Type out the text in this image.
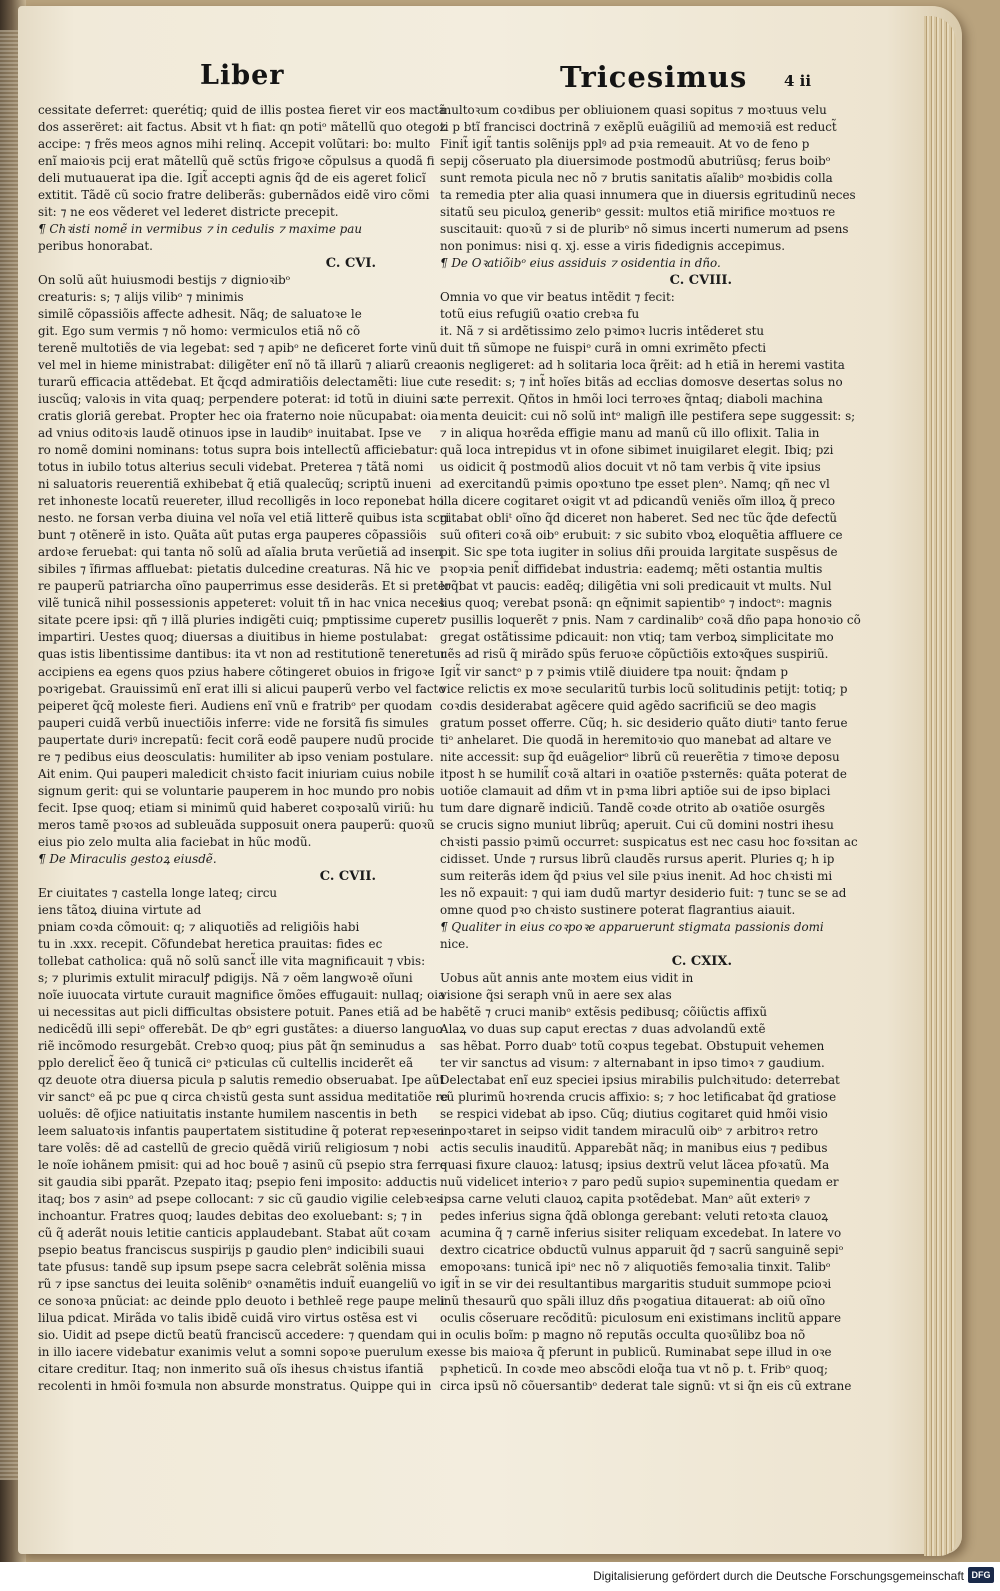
Liber	Tricesimus 4 ii
cessitate deferret: querétiq; quid de illis postea fieret vir eos mactã
dos asserëret: ait factus. Absit vt h fiat: qn potiᵒ mãtellũ quo otegoz
accipe: ⁊ frẽs meos agnos mihi relinq. Accepit volũtari: bo: multo
enĩ maioꝛis pcij erat mãtellũ quẽ sctũs frigoꝛe cõpulsus a quodã fi
deli mutuauerat ipa die. Igit̃ accepti agnis q̃d de eis ageret folicĩ
extitit. Tãdẽ cũ socio fratre deliberãs: gubernãdos eidẽ viro cõmi
sit: ⁊ ne eos vẽderet vel lederet districte precepit.
¶ Chꝛisti nomẽ in vermibus ⁊ in cedulis ⁊ maxime pau
peribus honorabat.
C. CVI.
On solũ aũt huiusmodi bestijs ⁊ dignioꝛibᵒ
creaturis: s; ⁊ alijs vilibᵒ ⁊ minimis
similẽ cõpassiõis affecte adhesit. Nãq; de saluatoꝛe le
git. Ego sum vermis ⁊ nõ homo: vermiculos etiã nõ cõ
terenẽ multotiẽs de via legebat: sed ⁊ apibᵒ ne deficeret forte vinũ
vel mel in hieme ministrabat: diligẽter enĩ nõ tã illarũ ⁊ aliarũ crea
turarũ efficacia attẽdebat. Et q̃cqd admiratiõis delectamẽti: liue cu
iuscũq; valoꝛis in vita quaq; perpendere poterat: id totũ in diuini sa
cratis gloriã gerebat. Propter hec oia fraterno noie nũcupabat: oia
ad vnius oditoꝛis laudẽ otinuos ipse in laudibᵒ inuitabat. Ipse ve
ro nomẽ domini nominans: totus supra bois intellectũ afficiebatur:
totus in iubilo totus alterius seculi videbat. Preterea ⁊ tãtã nomi
ni saluatoris reuerentiã exhibebat q̃ etiã qualecũq; scriptũ inueni
ret inhoneste locatũ reuereter, illud recolligẽs in loco reponebat ho
nesto. ne forsan verba diuina vel noĩa vel etiã litterẽ quibus ista scri
bunt ⁊ otẽnerẽ in isto. Quãta aũt putas erga pauperes cõpassiõis
ardoꝛe feruebat: qui tanta nõ solũ ad aĩalia bruta verũetiã ad insen
sibiles ⁊ ĩfirmas affluebat: pietatis dulcedine creaturas. Nã hic ve
re pauperũ patriarcha oĩno pauperrimus esse desiderãs. Et si preter
vilẽ tunicã nihil possessionis appeteret: voluit tñ in hac vnica neces
sitate pcere ipsi: qñ ⁊ illã pluries indigẽti cuiq; pmptissime cuperet
impartiri. Uestes quoq; diuersas a diuitibus in hieme postulabat:
quas istis libentissime dantibus: ita vt non ad restitutionẽ teneretur
accipiens ea egens quos pzius habere cõtingeret obuios in frigoꝛe
poꝛrigebat. Grauissimũ enĩ erat illi si alicui pauperũ verbo vel facto
peiperet q̃cq̃ moleste fieri. Audiens enĩ vnũ e fratribᵒ per quodam
pauperi cuidã verbũ inuectiõis inferre: vide ne forsitã fis simules
paupertate duriꝰ increpatũ: fecit corã eodẽ paupere nudũ procide
re ⁊ pedibus eius deosculatis: humiliter ab ipso veniam postulare.
Ait enim. Qui pauperi maledicit chꝛisto facit iniuriam cuius nobile
signum gerit: qui se voluntarie pauperem in hoc mundo pro nobis
fecit. Ipse quoq; etiam si minimũ quid haberet coꝛpoꝛalũ viriũ: hu
meros tamẽ pꝛoꝛos ad subleuãda supposuit onera pauperũ: quoꝛũ
eius pio zelo multa alia faciebat in hũc modũ.
¶ De Miraculis gestoꝝ eiusdẽ.
C. CVII.
Er ciuitates ⁊ castella longe lateq; circu
iens tãtoꝝ diuina virtute ad
pniam coꝛda cõmouit: q; ⁊ aliquotiẽs ad religiõis habi
tu in .xxx. recepit. Cõfundebat heretica prauitas: fides ec
tollebat catholica: quã nõ solũ sanct̃ ille vita magnificauit ⁊ vbis:
s; ⁊ plurimis extulit miraculꝭ pdigijs. Nã ⁊ oẽm langwoꝛẽ oĩuni
noĩe iuuocata virtute curauit magnifice õmões effugauit: nullaq; oia
ui necessitas aut picli difficultas obsistere potuit. Panes etiã ad be
nedicẽdũ illi sepiᵒ offerebãt. De qbᵒ egri gustãtes: a diuerso languo
riẽ incõmodo resurgebãt. Crebꝛo quoq; pius pãt q̃n seminudus a
pplo derelict̃ ẽeo q̃ tunicã ciᵒ pꝛticulas cũ cultellis inciderẽt eã
qz deuote otra diuersa picula p salutis remedio obseruabat. Ipe aũt
vir sanctᵒ eã pc pue q circa chꝛistũ gesta sunt assidua meditatiõe re
uoluẽs: dẽ ofjice natiuitatis instante humilem nascentis in beth
leem saluatoꝛis infantis paupertatem sistitudine q̃ poterat repꝛesen
tare volẽs: dẽ ad castellũ de grecio quẽdã viriũ religiosum ⁊ nobi
le noĩe iohãnem pmisit: qui ad hoc bouẽ ⁊ asinũ cũ psepio stra ferre
sit gaudia sibi pparãt. Pzepato itaq; psepio feni imposito: adductis
itaq; bos ⁊ asinᵒ ad psepe collocant: ⁊ sic cũ gaudio vigilie celebꝛes
inchoantur. Fratres quoq; laudes debitas deo exoluebant: s; ⁊ in
cũ q̃ aderãt nouis letitie canticis applaudebant. Stabat aũt coꝛam
psepio beatus franciscus suspirijs p gaudio plenᵒ indicibili suaui
tate pfusus: tandẽ sup ipsum psepe sacra celebrãt solẽnia missa
rũ ⁊ ipse sanctus dei leuita solẽnibᵒ oꝛnamẽtis induit̃ euangeliũ vo
ce sonoꝛa pnũciat: ac deinde pplo deuoto i bethleẽ rege paupe meli
lilua pdicat. Mirãda vo talis ibidẽ cuidã viro virtus ostẽsa est vi
sio. Uidit ad psepe dictũ beatũ franciscũ accedere: ⁊ quendam qui
in illo iacere videbatur exanimis velut a somni sopoꝛe puerulum ex
citare creditur. Itaq; non inmerito suã oĩs ihesus chꝛistus ifantiã
recolenti in hmõi foꝛmula non absurde monstratus. Quippe qui in
multoꝛum coꝛdibus per obliuionem quasi sopitus ⁊ moꝛtuus velu
ti p btĩ francisci doctrinã ⁊ exẽplũ euãgiliũ ad memoꝛiã est reduct̃
Finit̃ igit̃ tantis solẽnijs pplꝰ ad pꝛia remeauit. At vo de feno p
sepij cõseruato pla diuersimode postmodũ abutriũsq; ferus boibᵒ
sunt remota picula nec nõ ⁊ brutis sanitatis aĩalibᵒ moꝛbidis colla
ta remedia pter alia quasi innumera que in diuersis egritudinũ neces
sitatũ seu piculoꝝ generibᵒ gessit: multos etiã mirifice moꝛtuos re
suscitauit: quoꝛũ ⁊ si de pluribᵒ nõ simus incerti numerum ad psens
non ponimus: nisi q. xj. esse a viris fidedignis accepimus.
¶ De Oꝛatiõibᵒ eius assiduis ⁊ osidentia in dño.
C. CVIII.
Omnia vo que vir beatus intẽdit ⁊ fecit:
totũ eius refugiũ oꝛatio crebꝛa fu
it. Nã ⁊ si ardẽtissimo zelo pꝛimoꝛ lucris intẽderet stu
duit tñ sũmope ne fuispiᵒ curã in omni exrimẽto pfecti
onis negligeret: ad h solitaria loca q̃rẽit: ad h etiã in heremi vastita
te resedit: s; ⁊ int̃ hoĩes bitãs ad ecclias domosve desertas solus no
cte perrexit. Qñtos in hmõi loci terroꝛes q̃ntaq; diaboli machina
menta deuicit: cui nõ solũ intᵒ malign̄ ille pestifera sepe suggessit: s;
⁊ in aliqua hoꝛrẽda effigie manu ad manũ cũ illo oflixit. Talia in
quã loca intrepidus vt in ofone sibimet inuigilaret elegit. Ibiq; pzi
us oidicit q̃ postmodũ alios docuit vt nõ tam verbis q̃ vite ipsius
ad exercitandũ pꝛimis opoꝛtuno tpe esset plenᵒ. Namq; qñ nec vl
illa dicere cogitaret oꝛigit vt ad pdicandũ veniẽs oĩm illoꝝ q̃ preco
gitabat obliᵗ oĩno q̃d diceret non haberet. Sed nec tũc q̃de defectũ
suũ ofiteri coꝛã oibᵒ erubuit: ⁊ sic subito vboꝝ eloquẽtia affluere ce
pit. Sic spe tota iugiter in solius dñi prouida largitate suspẽsus de
pꝛopꝛia penit̃ diffidebat industria: eademq; mẽti ostantia multis
loq̃bat vt paucis: eadẽq; diligẽtia vni soli predicauit vt mults. Nul
lius quoq; verebat psonã: qn eq̃nimit sapientibᵒ ⁊ indoctᵒ: magnis
⁊ pusillis loquerẽt ⁊ pnis. Nam ⁊ cardinalibᵒ coꝛã dño papa honoꝛio cõ
gregat ostãtissime pdicauit: non vtiq; tam verboꝝ simplicitate mo
uẽs ad risũ q̃ mirãdo spũs feruoꝛe cõpũctiõis extoꝛq̃ues suspiriũ.
Igit̃ vir sanctᵒ p ⁊ pꝛimis vtilẽ diuidere tpa nouit: q̃ndam p
vice relictis ex moꝛe secularitũ turbis locũ solitudinis petijt: totiq; p
coꝛdis desiderabat agẽcere quid agẽdo sacrificiũ se deo magis
gratum posset offerre. Cũq; h. sic desiderio quãto diutiᵒ tanto ferue
tiᵒ anhelaret. Die quodã in heremitoꝛio quo manebat ad altare ve
nite accessit: sup q̃d euãgeliorᵒ librũ cũ reuerẽtia ⁊ timoꝛe deposu
itpost h se humilit̃ coꝛã altari in oꝛatiõe pꝛsternẽs: quãta poterat de
uotiõe clamauit ad dñm vt in pꝛma libri aptiõe sui de ipso biplaci
tum dare dignarẽ indiciũ. Tandẽ coꝛde otrito ab oꝛatiõe osurgẽs
se crucis signo muniut librũq; aperuit. Cui cũ domini nostri ihesu
chꝛisti passio pꝛimũ occurret: suspicatus est nec casu hoc foꝛsitan ac
cidisset. Unde ⁊ rursus librũ claudẽs rursus aperit. Pluries q; h ip
sum reiterãs idem q̃d pꝛius vel sile pꝛius inenit. Ad hoc chꝛisti mi
les nõ expauit: ⁊ qui iam dudũ martyr desiderio fuit: ⁊ tunc se se ad
omne quod pꝛo chꝛisto sustinere poterat flagrantius aiauit.
¶ Qualiter in eius coꝛpoꝛe apparuerunt stigmata passionis domi
nice.
C. CXIX.
Uobus aũt annis ante moꝛtem eius vidit in
visione q̃si seraph vnũ in aere sex alas
habẽtẽ ⁊ cruci manibᵒ extẽsis pedibusq; cõiũctis affixũ
Alaꝝ vo duas sup caput erectas ⁊ duas advolandũ extẽ
sas hẽbat. Porro duabᵒ totũ coꝛpus tegebat. Obstupuit vehemen
ter vir sanctus ad visum: ⁊ alternabant in ipso timoꝛ ⁊ gaudium.
Delectabat enĩ euz speciei ipsius mirabilis pulchꝛitudo: deterrebat
cũ plurimũ hoꝛrenda crucis affixio: s; ⁊ hoc letificabat q̃d gratiose
se respici videbat ab ipso. Cũq; diutius cogitaret quid hmõi visio
inpoꝛtaret in seipso vidit tandem miraculũ oibᵒ ⁊ arbitroꝛ retro
actis seculis inauditũ. Apparebãt nãq; in manibus eius ⁊ pedibus
quasi fixure clauoꝝ: latusq; ipsius dextrũ velut lãcea pfoꝛatũ. Ma
nuũ videlicet interioꝛ ⁊ paro pedũ supioꝛ supeminentia quedam er
ipsa carne veluti clauoꝝ capita pꝛotẽdebat. Manᵒ aũt exteriꝰ ⁊
pedes inferius signa q̃dã oblonga gerebant: veluti retoꝛta clauoꝝ
acumina q̃ ⁊ carnẽ inferius sisiter reliquam excedebat. In latere vo
dextro cicatrice obductũ vulnus apparuit q̃d ⁊ sacrũ sanguinẽ sepiᵒ
emopoꝛans: tunicã ipiᵒ nec nõ ⁊ aliquotiẽs femoꝛalia tinxit. Talibᵒ
igit̃ in se vir dei resultantibus margaritis studuit summope pcioꝛi
inũ thesaurũ quo spãli illuz dñs pꝛogatiua ditauerat: ab oiũ oĩno
oculis cõseruare recõditũ: piculosum eni existimans inclitũ appare
in oculis boĩm: p magno nõ reputãs occulta quoꝛũlibz boa nõ
esse bis maioꝛa q̃ pferunt in publicũ. Ruminabat sepe illud in oꝛe
pꝛpheticũ. In coꝛde meo abscõdi eloq̃a tua vt nõ p. t. Fribᵒ quoq;
circa ipsũ nõ cõuersantibᵒ dederat tale signũ: vt si q̃n eis cũ extrane
Digitalisierung gefördert durch die Deutsche Forschungsgemeinschaft DFG
